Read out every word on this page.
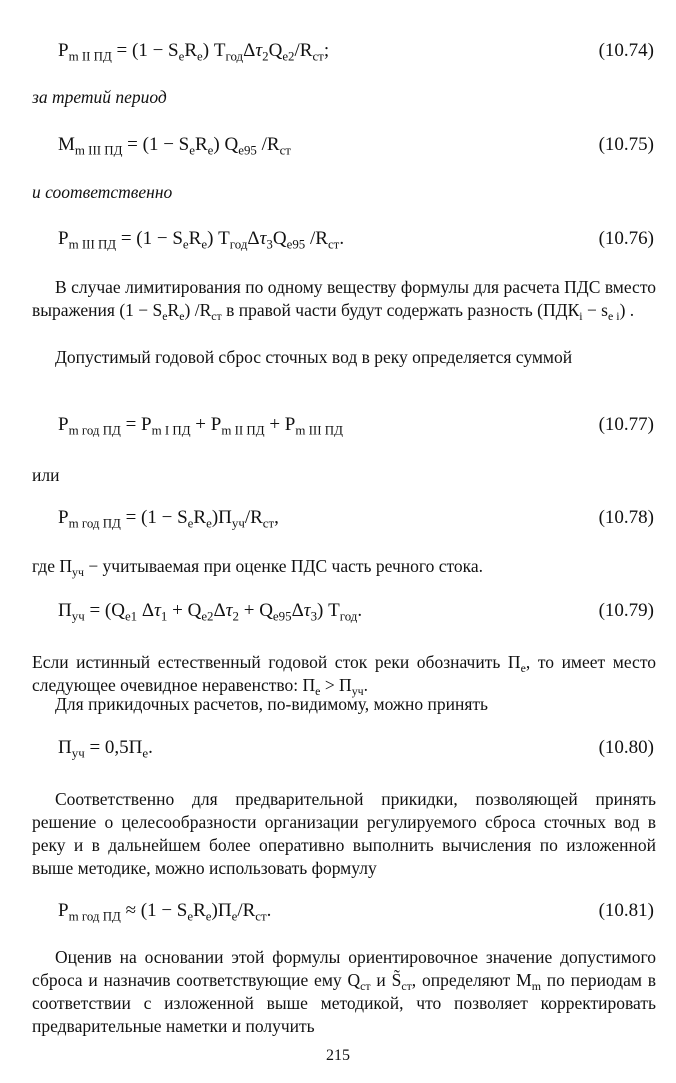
$P_{m II ПД} = (1 - S_eR_e)$ $T_{год}\Delta\tau_2Q_{e2}/R_{ст}$;	(10.74)
за третий период
$M_{m III ПД} = (1 - S_eR_e)$ $Q_{e95}$ $/R_{ст}$	(10.75)
и соответственно
$P_{m III ПД} = (1 - S_eR_e)$ $T_{год}\Delta\tau_3Q_{e95}$ $/R_{ст}$.	(10.76)
В случае лимитирования по одному веществу формулы для расчета ПДС вместо выражения $(1 - S_eR_e)$ $/R_{ст}$ в правой части будут содержать разность $(ПДК_i - s_{e i})$ .
Допустимый годовой сброс сточных вод в реку определяется суммой
$P_{m год ПД} = P_{m I ПД} + P_{m II ПД} + P_{m III ПД}$	(10.77)
или
$P_{m год ПД} = (1 - S_eR_e)П_{уч}/R_{ст}$,	(10.78)
где $П_{уч}$ − учитываемая при оценке ПДС часть речного стока.
$П_{уч} = (Q_{e1}$ $\Delta\tau_1 + Q_{e2}\Delta\tau_2 + Q_{e95}\Delta\tau_3$) $T_{год}$.	(10.79)
Если истинный естественный годовой сток реки обозначить $П_е$, то имеет место следующее очевидное неравенство: $П_е > П_{уч}$.
Для прикидочных расчетов, по-видимому, можно принять
$П_{уч} = 0,5П_е$.	(10.80)
Соответственно для предварительной прикидки, позволяющей принять решение о целесообразности организации регулируемого сброса сточных вод в реку и в дальнейшем более оперативно выполнить вычисления по изложенной выше методике, можно использовать формулу
$P_{m год ПД} \approx (1 - S_eR_e)П_е/R_{ст}$.	(10.81)
Оценив на основании этой формулы ориентировочное значение допустимого сброса и назначив соответствующие ему $Q_{ст}$ и $S̃_{ст}$, определяют $M_m$ по периодам в соответствии с изложенной выше методикой, что позволяет корректировать предварительные наметки и получить
215
